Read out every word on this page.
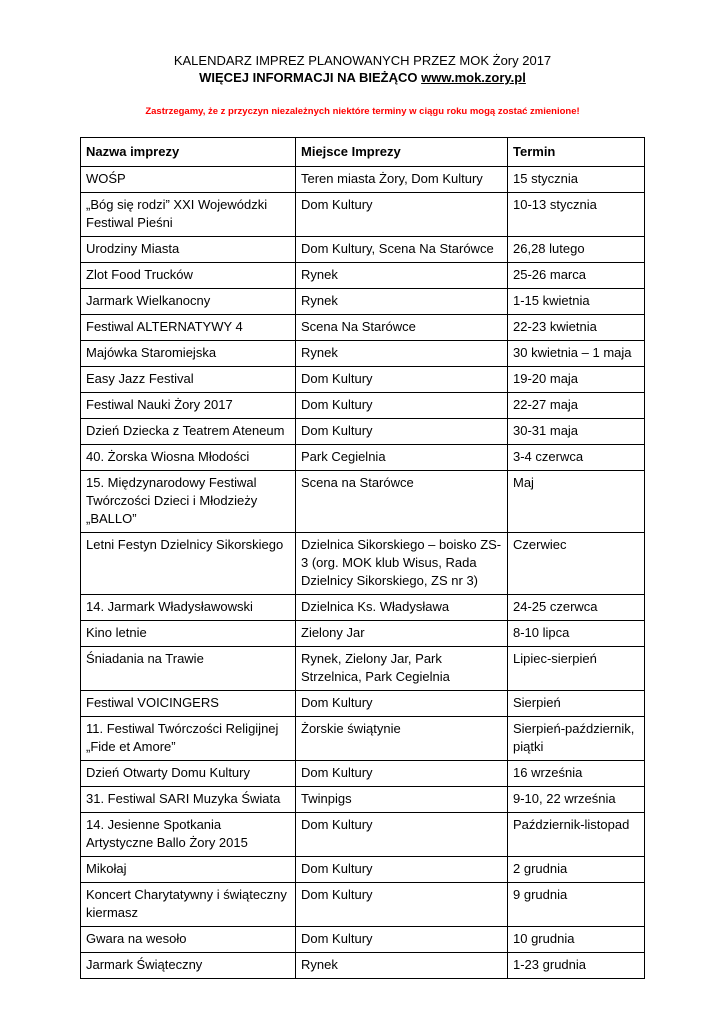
KALENDARZ IMPREZ PLANOWANYCH PRZEZ MOK Żory 2017
WIĘCEJ INFORMACJI NA BIEŻĄCO www.mok.zory.pl
Zastrzegamy, że z przyczyn niezależnych niektóre terminy w ciągu roku mogą zostać zmienione!
Nazwa imprezy	Miejsce Imprezy	Termin
WOŚP	Teren miasta Żory, Dom Kultury	15 stycznia
„Bóg się rodzi” XXI Wojewódzki Festiwal Pieśni	Dom Kultury	10-13 stycznia
Urodziny Miasta	Dom Kultury, Scena Na Starówce	26,28 lutego
Zlot Food Trucków	Rynek	25-26 marca
Jarmark Wielkanocny	Rynek	1-15 kwietnia
Festiwal ALTERNATYWY 4	Scena Na Starówce	22-23 kwietnia
Majówka Staromiejska	Rynek	30 kwietnia – 1 maja
Easy Jazz Festival	Dom Kultury	19-20 maja
Festiwal Nauki Żory 2017	Dom Kultury	22-27 maja
Dzień Dziecka z Teatrem Ateneum	Dom Kultury	30-31 maja
40. Żorska Wiosna Młodości	Park Cegielnia	3-4 czerwca
15. Międzynarodowy Festiwal Twórczości Dzieci i Młodzieży „BALLO”	Scena na Starówce	Maj
Letni Festyn Dzielnicy Sikorskiego	Dzielnica Sikorskiego – boisko ZS-3 (org. MOK klub Wisus, Rada Dzielnicy Sikorskiego, ZS nr 3)	Czerwiec
14. Jarmark Władysławowski	Dzielnica Ks. Władysława	24-25 czerwca
Kino letnie	Zielony Jar	8-10 lipca
Śniadania na Trawie	Rynek, Zielony Jar, Park Strzelnica, Park Cegielnia	Lipiec-sierpień
Festiwal VOICINGERS	Dom Kultury	Sierpień
11. Festiwal Twórczości Religijnej „Fide et Amore”	Żorskie świątynie	Sierpień-październik, piątki
Dzień Otwarty Domu Kultury	Dom Kultury	16 września
31. Festiwal SARI Muzyka Świata	Twinpigs	9-10, 22 września
14. Jesienne Spotkania Artystyczne Ballo Żory 2015	Dom Kultury	Październik-listopad
Mikołaj	Dom Kultury	2 grudnia
Koncert Charytatywny i świąteczny kiermasz	Dom Kultury	9 grudnia
Gwara na wesoło	Dom Kultury	10 grudnia
Jarmark Świąteczny	Rynek	1-23 grudnia
